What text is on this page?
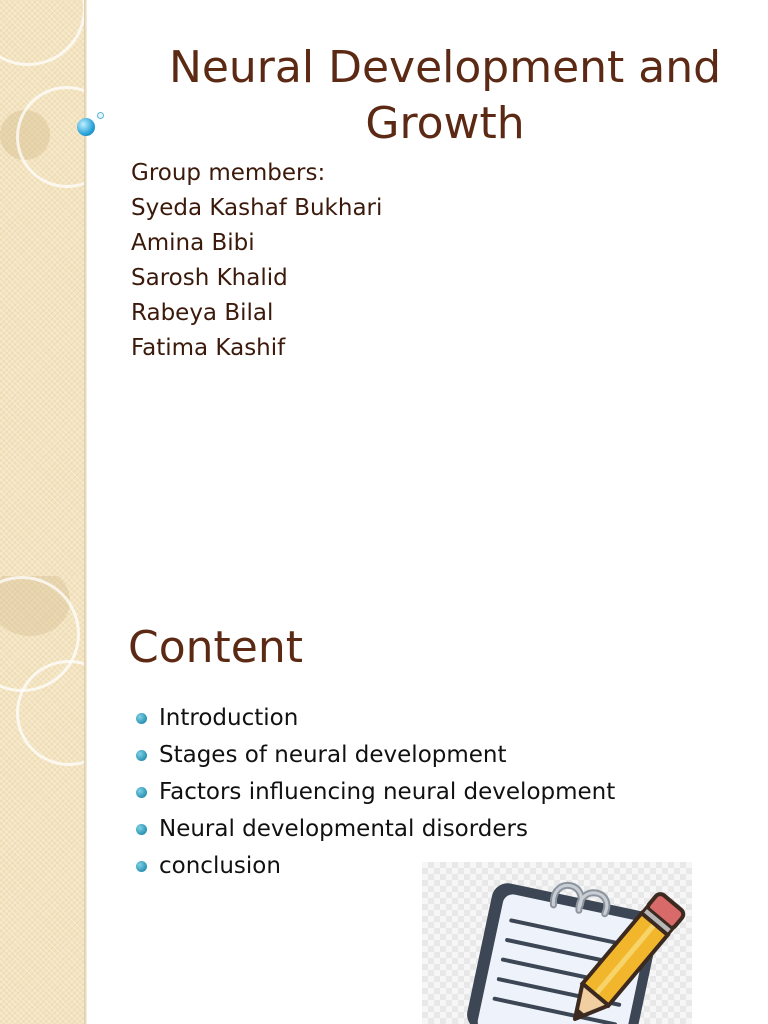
Neural Development and Growth
Group members:
Syeda Kashaf Bukhari
Amina Bibi
Sarosh Khalid
Rabeya Bilal
Fatima Kashif
Content
Introduction
Stages of neural development
Factors influencing neural development
Neural developmental disorders
conclusion
